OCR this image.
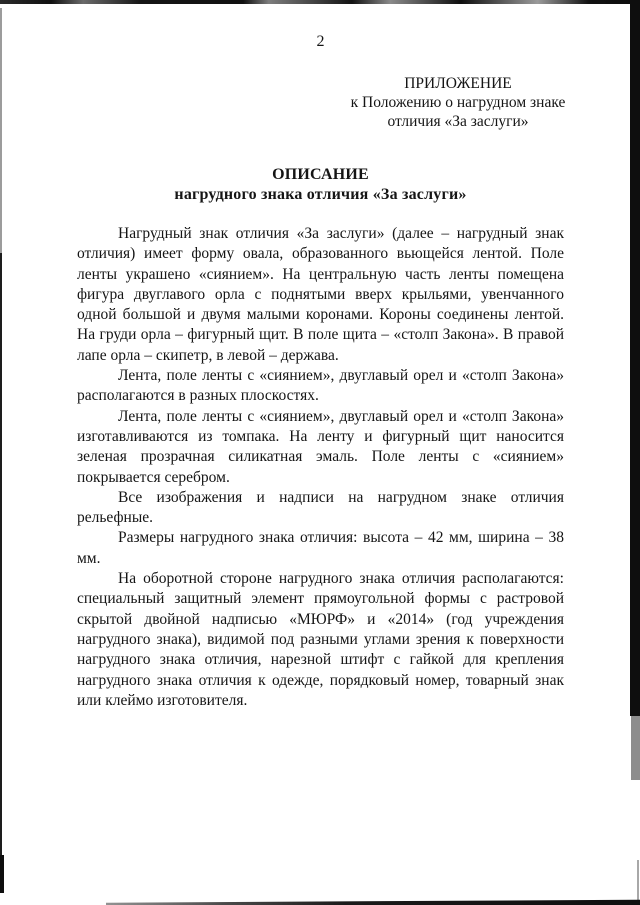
2
ПРИЛОЖЕНИЕ
к Положению о нагрудном знаке
отличия «За заслуги»
ОПИСАНИЕ
нагрудного знака отличия «За заслуги»

Нагрудный знак отличия «За заслуги» (далее – нагрудный знак отличия) имеет форму овала, образованного вьющейся лентой. Поле ленты украшено «сиянием». На центральную часть ленты помещена фигура двуглавого орла с поднятыми вверх крыльями, увенчанного одной большой и двумя малыми коронами. Короны соединены лентой. На груди орла – фигурный щит. В поле щита – «столп Закона». В правой лапе орла – скипетр, в левой – держава.

Лента, поле ленты с «сиянием», двуглавый орел и «столп Закона» располагаются в разных плоскостях.

Лента, поле ленты с «сиянием», двуглавый орел и «столп Закона» изготавливаются из томпака. На ленту и фигурный щит наносится зеленая прозрачная силикатная эмаль. Поле ленты с «сиянием» покрывается серебром.

Все изображения и надписи на нагрудном знаке отличия рельефные.

Размеры нагрудного знака отличия: высота – 42 мм, ширина – 38 мм.

На оборотной стороне нагрудного знака отличия располагаются: специальный защитный элемент прямоугольной формы с растровой скрытой двойной надписью «МЮРФ» и «2014» (год учреждения нагрудного знака), видимой под разными углами зрения к поверхности нагрудного знака отличия, нарезной штифт с гайкой для крепления нагрудного знака отличия к одежде, порядковый номер, товарный знак или клеймо изготовителя.
